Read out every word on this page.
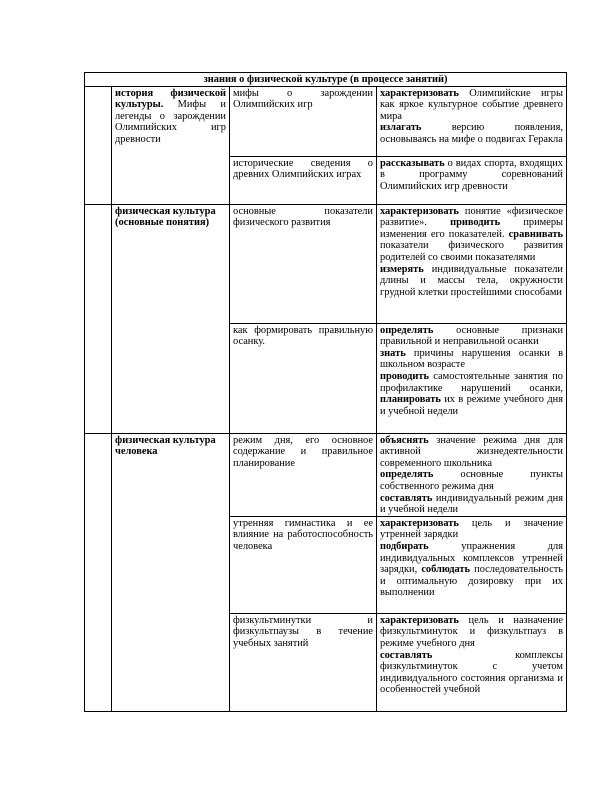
знания о физической культуре (в процессе занятий)			
	история физической культуры. Мифы и легенды о зарождении Олимпийских игр древности	мифы о зарождении Олимпийских игр	характеризовать Олимпийские игры как яркое культурное событие древнего мира
излагать версию появления, основываясь на мифе о подвигах Геракла
		исторические сведения о древних Олимпийских играх	рассказывать о видах спорта, входящих в программу соревнований Олимпийских игр древности
	физическая культура (основные понятия)	основные показатели физического развития	характеризовать понятие «физическое развитие». приводить примеры изменения его показателей. сравнивать показатели физического развития родителей со своими показателями
измерять индивидуальные показатели длины и массы тела, окружности грудной клетки простейшими способами
		как формировать правильную осанку.	определять основные признаки правильной и неправильной осанки
знать причины нарушения осанки в школьном возрасте
проводить самостоятельные занятия по профилактике нарушений осанки, планировать их в режиме учебного дня и учебной недели
	физическая культура человека	режим дня, его основное содержание и правильное планирование	объяснять значение режима дня для активной жизнедеятельности современного школьника
определять основные пункты собственного режима дня
составлять индивидуальный режим дня и учебной недели
		утренняя гимнастика и ее влияние на работоспособность человека	характеризовать цель и значение утренней зарядки
подбирать упражнения для индивидуальных комплексов утренней зарядки, соблюдать последовательность и оптимальную дозировку при их выполнении
		физкультминутки и физкультпаузы в течение учебных занятий	характеризовать цель и назначение физкультминуток и физкультпауз в режиме учебного дня
составлять комплексы физкультминуток с учетом индивидуального состояния организма и особенностей учебной
